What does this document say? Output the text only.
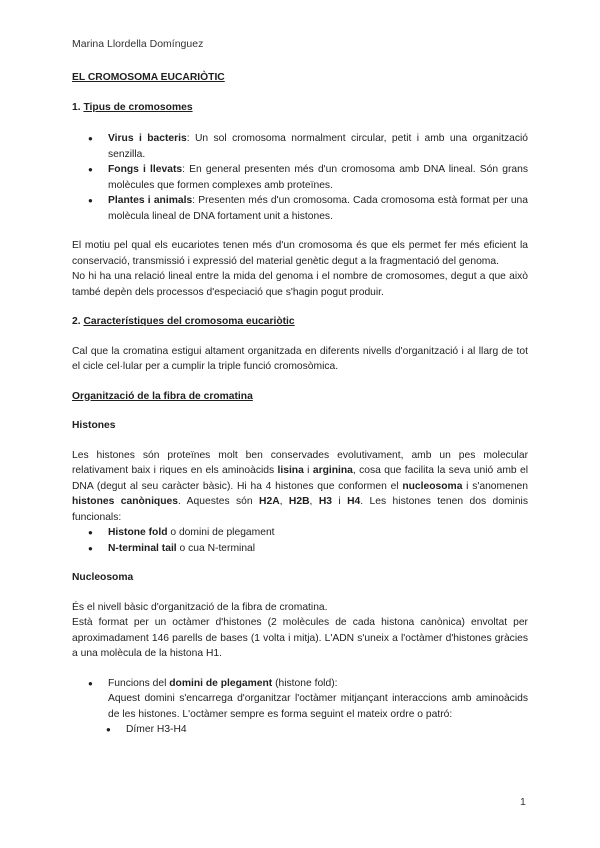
Marina Llordella Domínguez

EL CROMOSOMA EUCARIÒTIC

1. Tipus de cromosomes

● Virus i bacteris: Un sol cromosoma normalment circular, petit i amb una organització senzilla.
● Fongs i llevats: En general presenten més d'un cromosoma amb DNA lineal. Són grans molècules que formen complexes amb proteïnes.
● Plantes i animals: Presenten més d'un cromosoma. Cada cromosoma està format per una molècula lineal de DNA fortament unit a histones.

El motiu pel qual els eucariotes tenen més d'un cromosoma és que els permet fer més eficient la conservació, transmissió i expressió del material genètic degut a la fragmentació del genoma.

No hi ha una relació lineal entre la mida del genoma i el nombre de cromosomes, degut a que això també depèn dels processos d'especiació que s'hagin pogut produir.

2. Característiques del cromosoma eucariòtic

Cal que la cromatina estigui altament organitzada en diferents nivells d'organització i al llarg de tot el cicle cel·lular per a cumplir la triple funció cromosòmica.

Organització de la fibra de cromatina

Histones

Les histones són proteïnes molt ben conservades evolutivament, amb un pes molecular relativament baix i riques en els aminoàcids lisina i arginina, cosa que facilita la seva unió amb el DNA (degut al seu caràcter bàsic). Hi ha 4 histones que conformen el nucleosoma i s'anomenen histones canòniques. Aquestes són H2A, H2B, H3 i H4. Les histones tenen dos dominis funcionals:

● Histone fold o domini de plegament
● N-terminal tail o cua N-terminal

Nucleosoma

És el nivell bàsic d'organització de la fibra de cromatina.

Està format per un octàmer d'histones (2 molècules de cada histona canònica) envoltat per aproximadament 146 parells de bases (1 volta i mitja). L'ADN s'uneix a l'octàmer d'histones gràcies a una molècula de la histona H1.

● Funcions del domini de plegament (histone fold):
Aquest domini s'encarrega d'organitzar l'octàmer mitjançant interaccions amb aminoàcids de les histones. L'octàmer sempre es forma seguint el mateix ordre o patró:
● Dímer H3-H4
1
